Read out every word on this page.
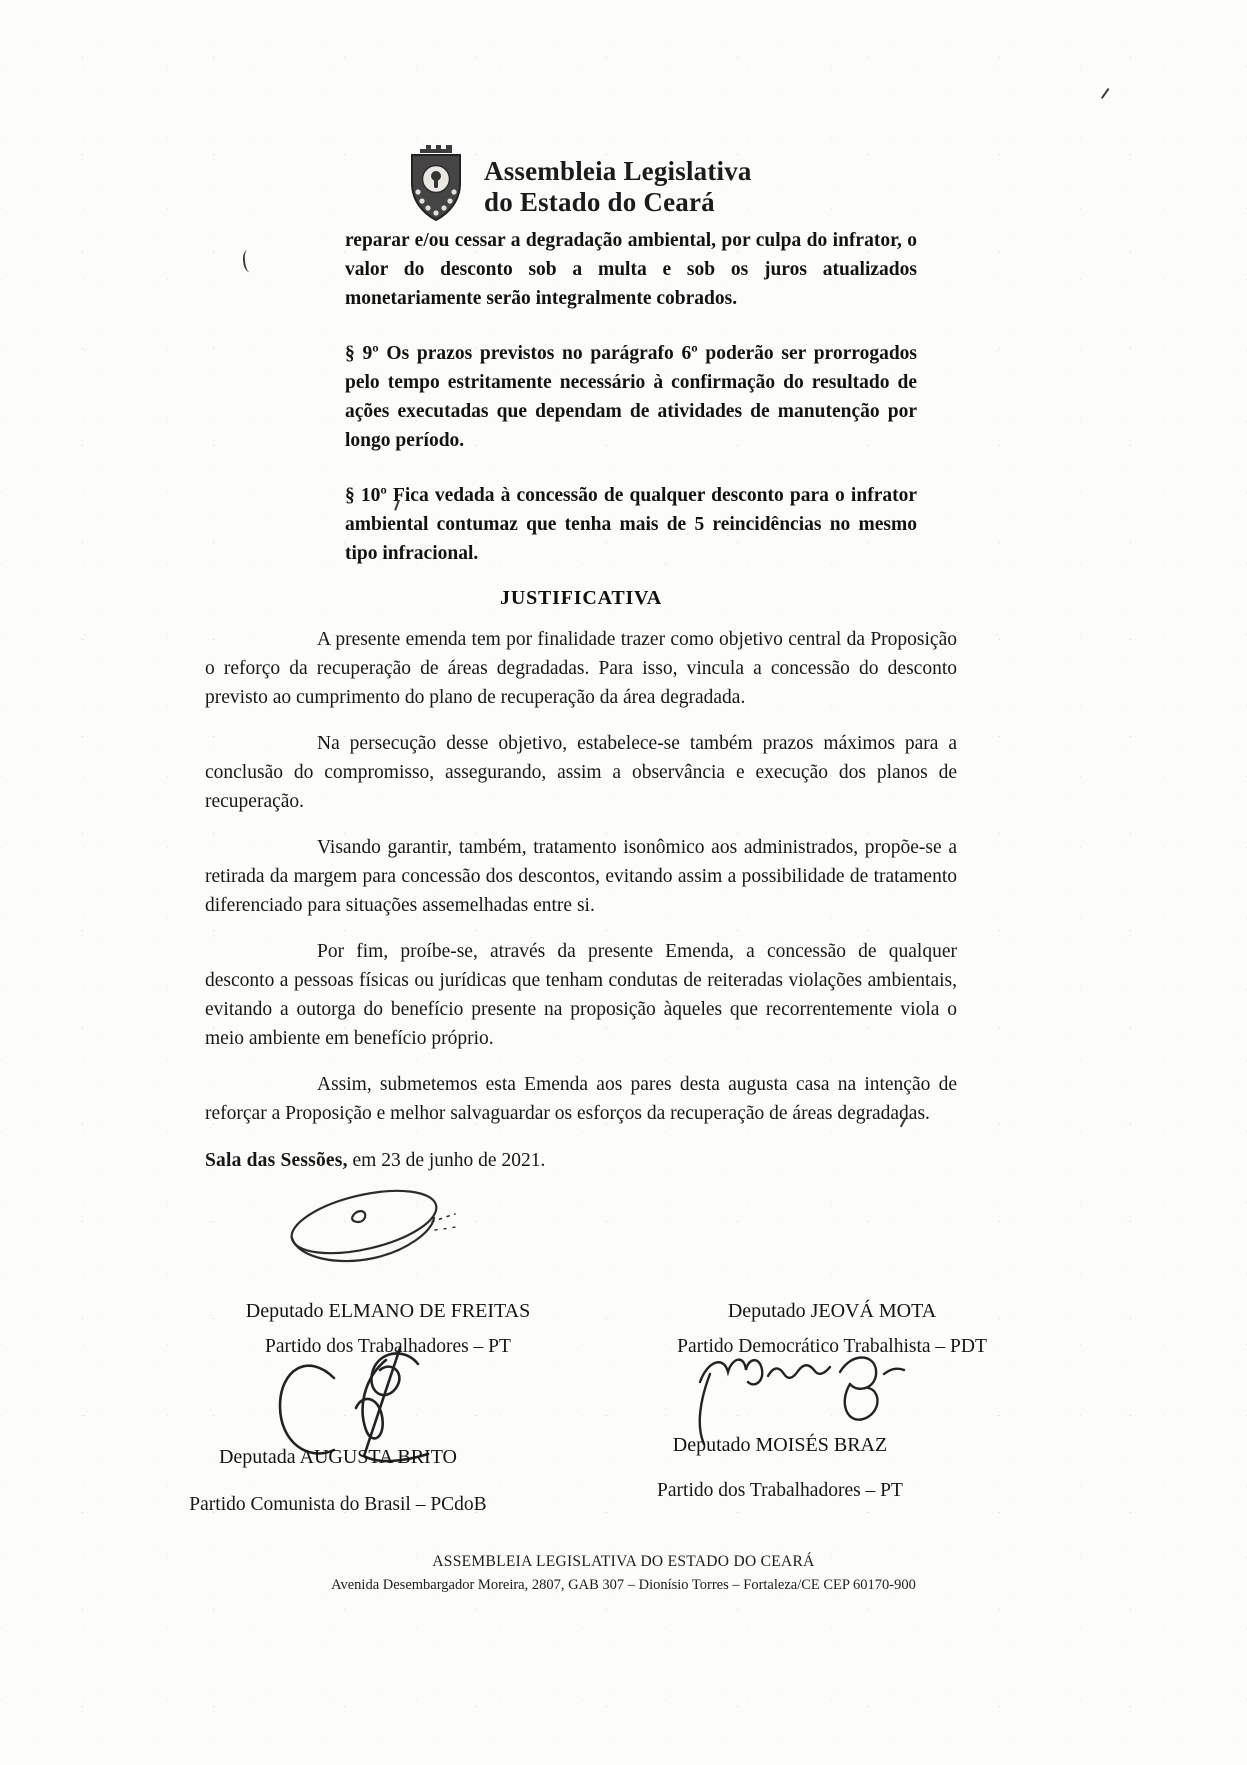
Assembleia Legislativa
do Estado do Ceará

reparar e/ou cessar a degradação ambiental, por culpa do infrator, o valor do desconto sob a multa e sob os juros atualizados monetariamente serão integralmente cobrados.

§ 9º Os prazos previstos no parágrafo 6º poderão ser prorrogados pelo tempo estritamente necessário à confirmação do resultado de ações executadas que dependam de atividades de manutenção por longo período.

§ 10º Fica vedada à concessão de qualquer desconto para o infrator ambiental contumaz que tenha mais de 5 reincidências no mesmo tipo infracional.

JUSTIFICATIVA

A presente emenda tem por finalidade trazer como objetivo central da Proposição o reforço da recuperação de áreas degradadas. Para isso, vincula a concessão do desconto previsto ao cumprimento do plano de recuperação da área degradada.

Na persecução desse objetivo, estabelece-se também prazos máximos para a conclusão do compromisso, assegurando, assim a observância e execução dos planos de recuperação.

Visando garantir, também, tratamento isonômico aos administrados, propõe-se a retirada da margem para concessão dos descontos, evitando assim a possibilidade de tratamento diferenciado para situações assemelhadas entre si.

Por fim, proíbe-se, através da presente Emenda, a concessão de qualquer desconto a pessoas físicas ou jurídicas que tenham condutas de reiteradas violações ambientais, evitando a outorga do benefício presente na proposição àqueles que recorrentemente viola o meio ambiente em benefício próprio.

Assim, submetemos esta Emenda aos pares desta augusta casa na intenção de reforçar a Proposição e melhor salvaguardar os esforços da recuperação de áreas degradadas.

Sala das Sessões, em 23 de junho de 2021.

Deputado ELMANO DE FREITAS
Partido dos Trabalhadores – PT
Deputado JEOVÁ MOTA
Partido Democrático Trabalhista – PDT
Deputada AUGUSTA BRITO
Partido Comunista do Brasil – PCdoB
Deputado MOISÉS BRAZ
Partido dos Trabalhadores – PT
ASSEMBLEIA LEGISLATIVA DO ESTADO DO CEARÁ
Avenida Desembargador Moreira, 2807, GAB 307 – Dionísio Torres – Fortaleza/CE CEP 60170-900
